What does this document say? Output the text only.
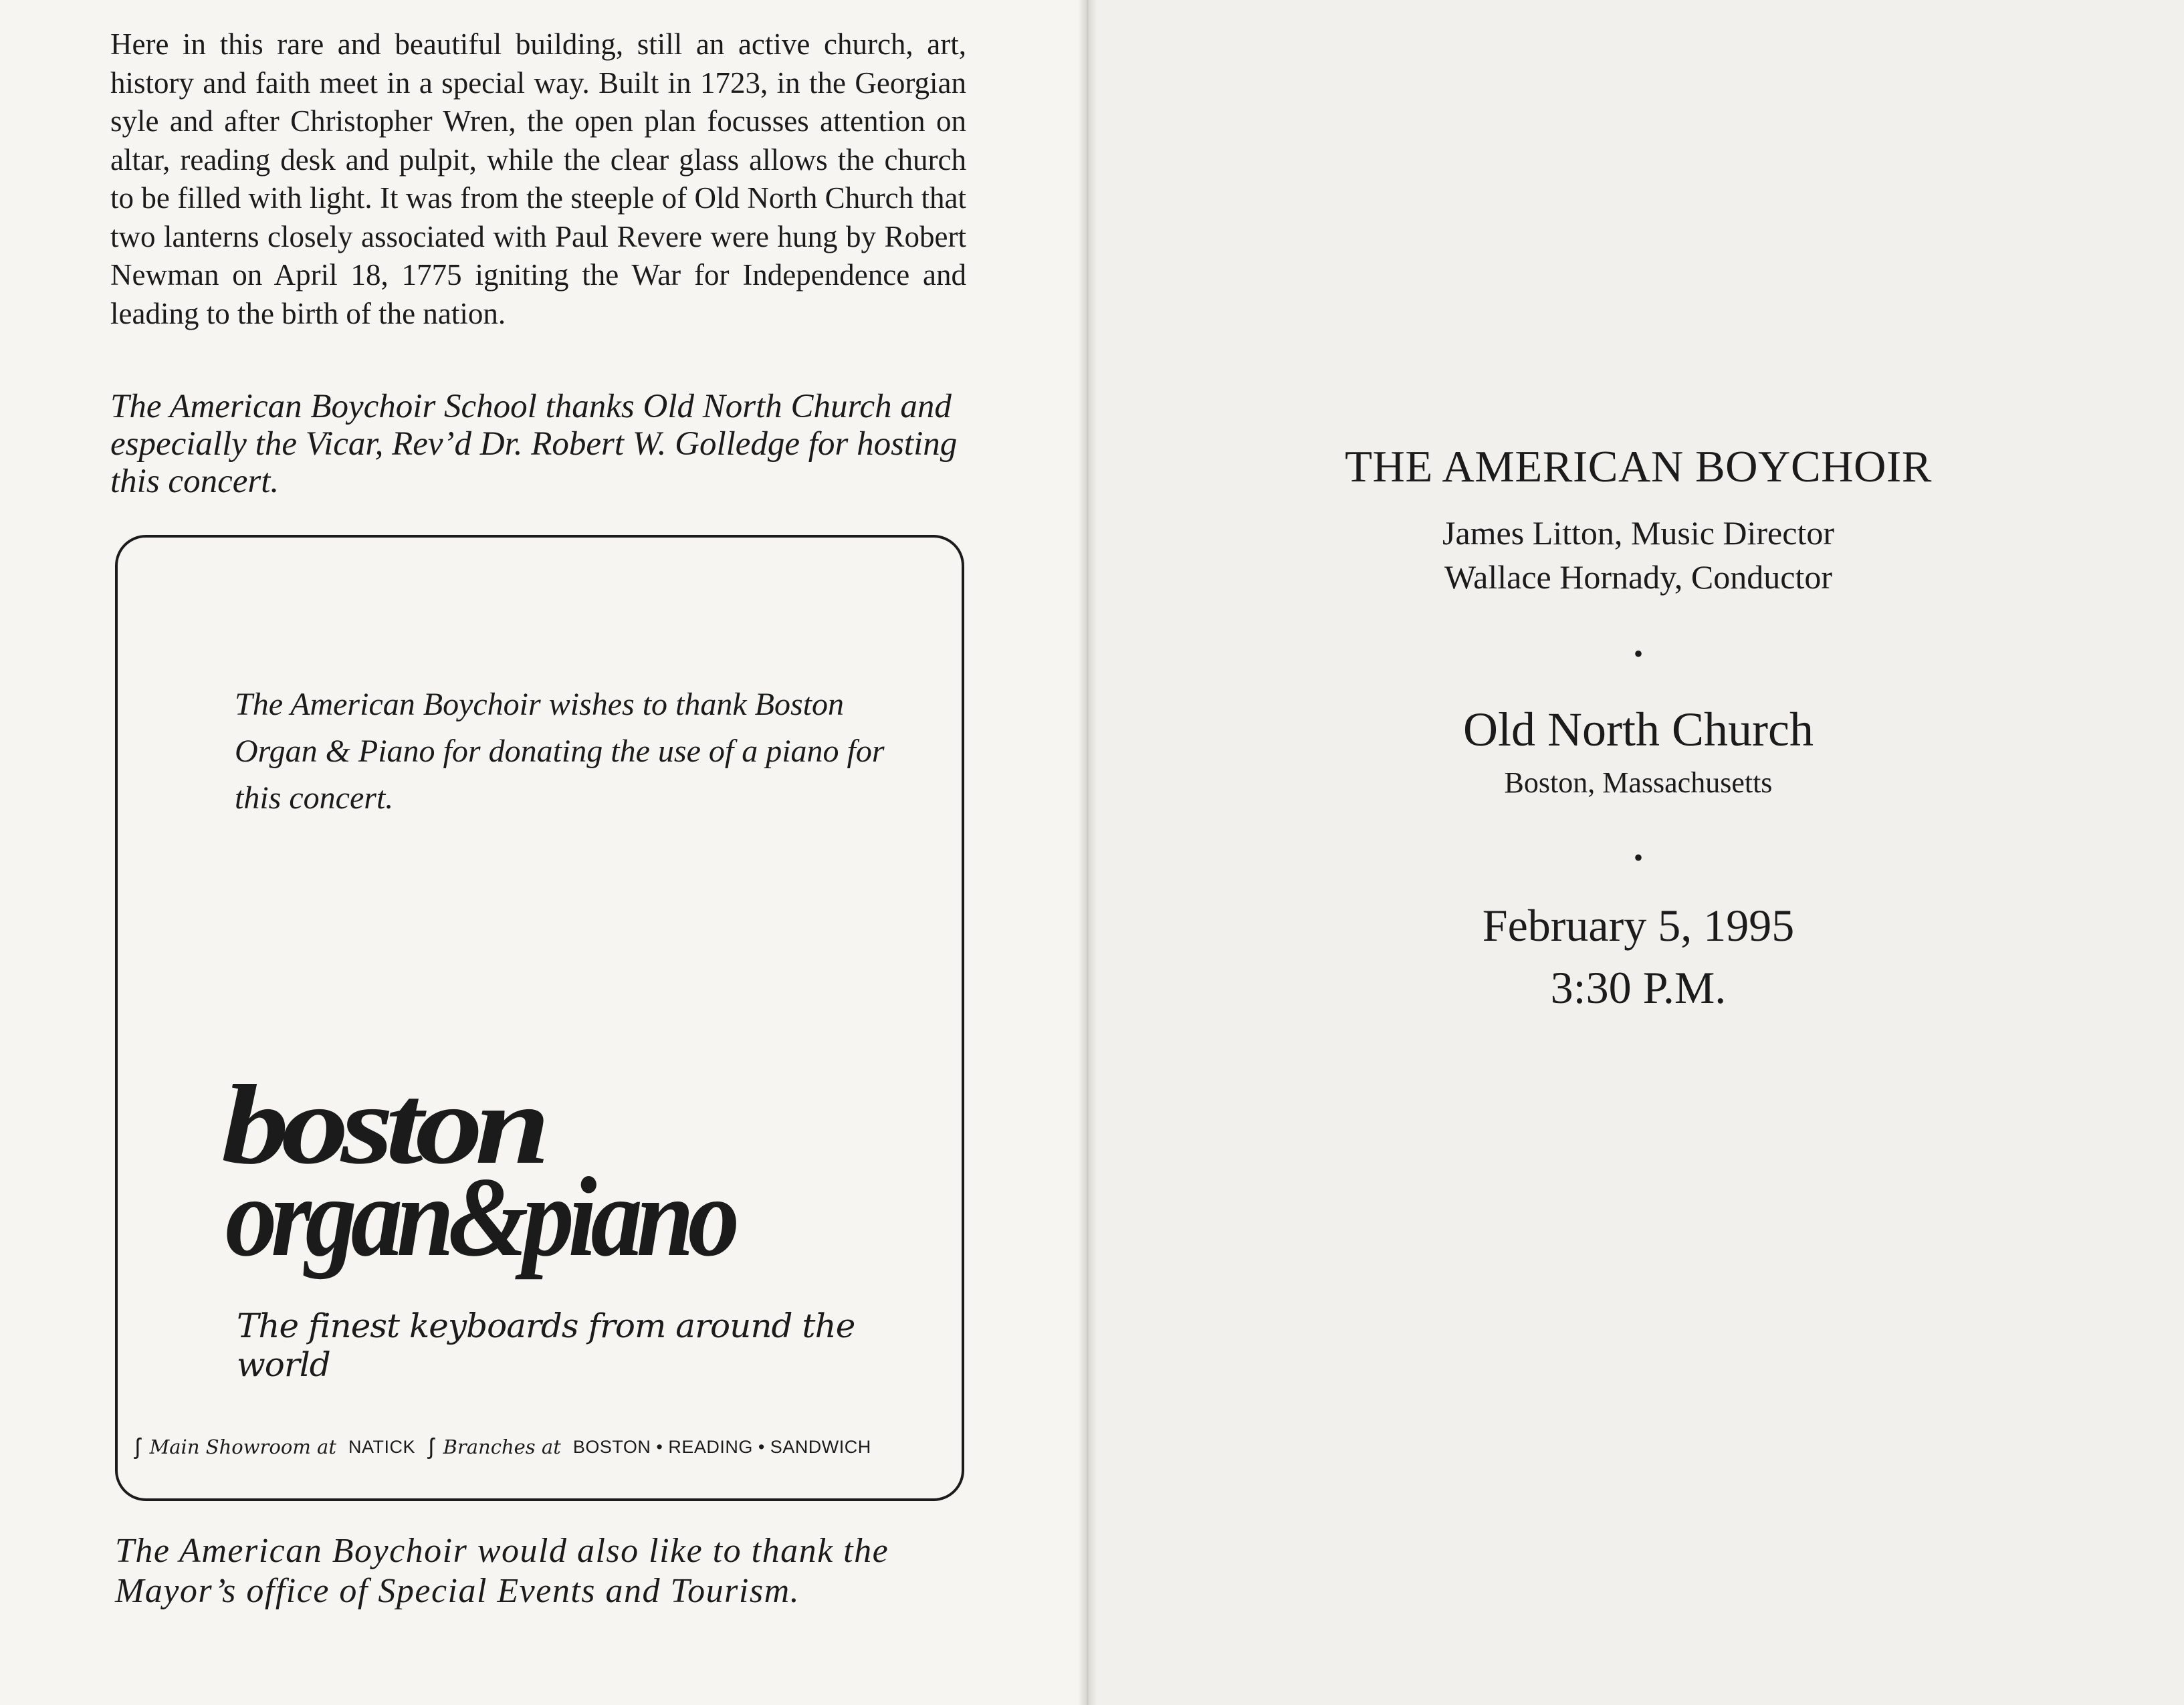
Here in this rare and beautiful building, still an active church, art, history and faith meet in a special way. Built in 1723, in the Georgian syle and after Christopher Wren, the open plan focusses attention on altar, reading desk and pulpit, while the clear glass allows the church to be filled with light. It was from the steeple of Old North Church that two lanterns closely associated with Paul Revere were hung by Robert Newman on April 18, 1775 igniting the War for Independence and leading to the birth of the nation.

The American Boychoir School thanks Old North Church and especially the Vicar, Rev’d Dr. Robert W. Golledge for hosting this concert.

The American Boychoir wishes to thank Boston Organ & Piano for donating the use of a piano for this concert.

boston
organ&piano
The finest keyboards from around the world
ʃ Main Showroom at NATICK ʃ Branches at BOSTON • READING • SANDWICH

The American Boychoir would also like to thank the Mayor’s office of Special Events and Tourism.

THE AMERICAN BOYCHOIR
James Litton, Music Director
Wallace Hornady, Conductor
•
Old North Church
Boston, Massachusetts
•
February 5, 1995
3:30 P.M.
